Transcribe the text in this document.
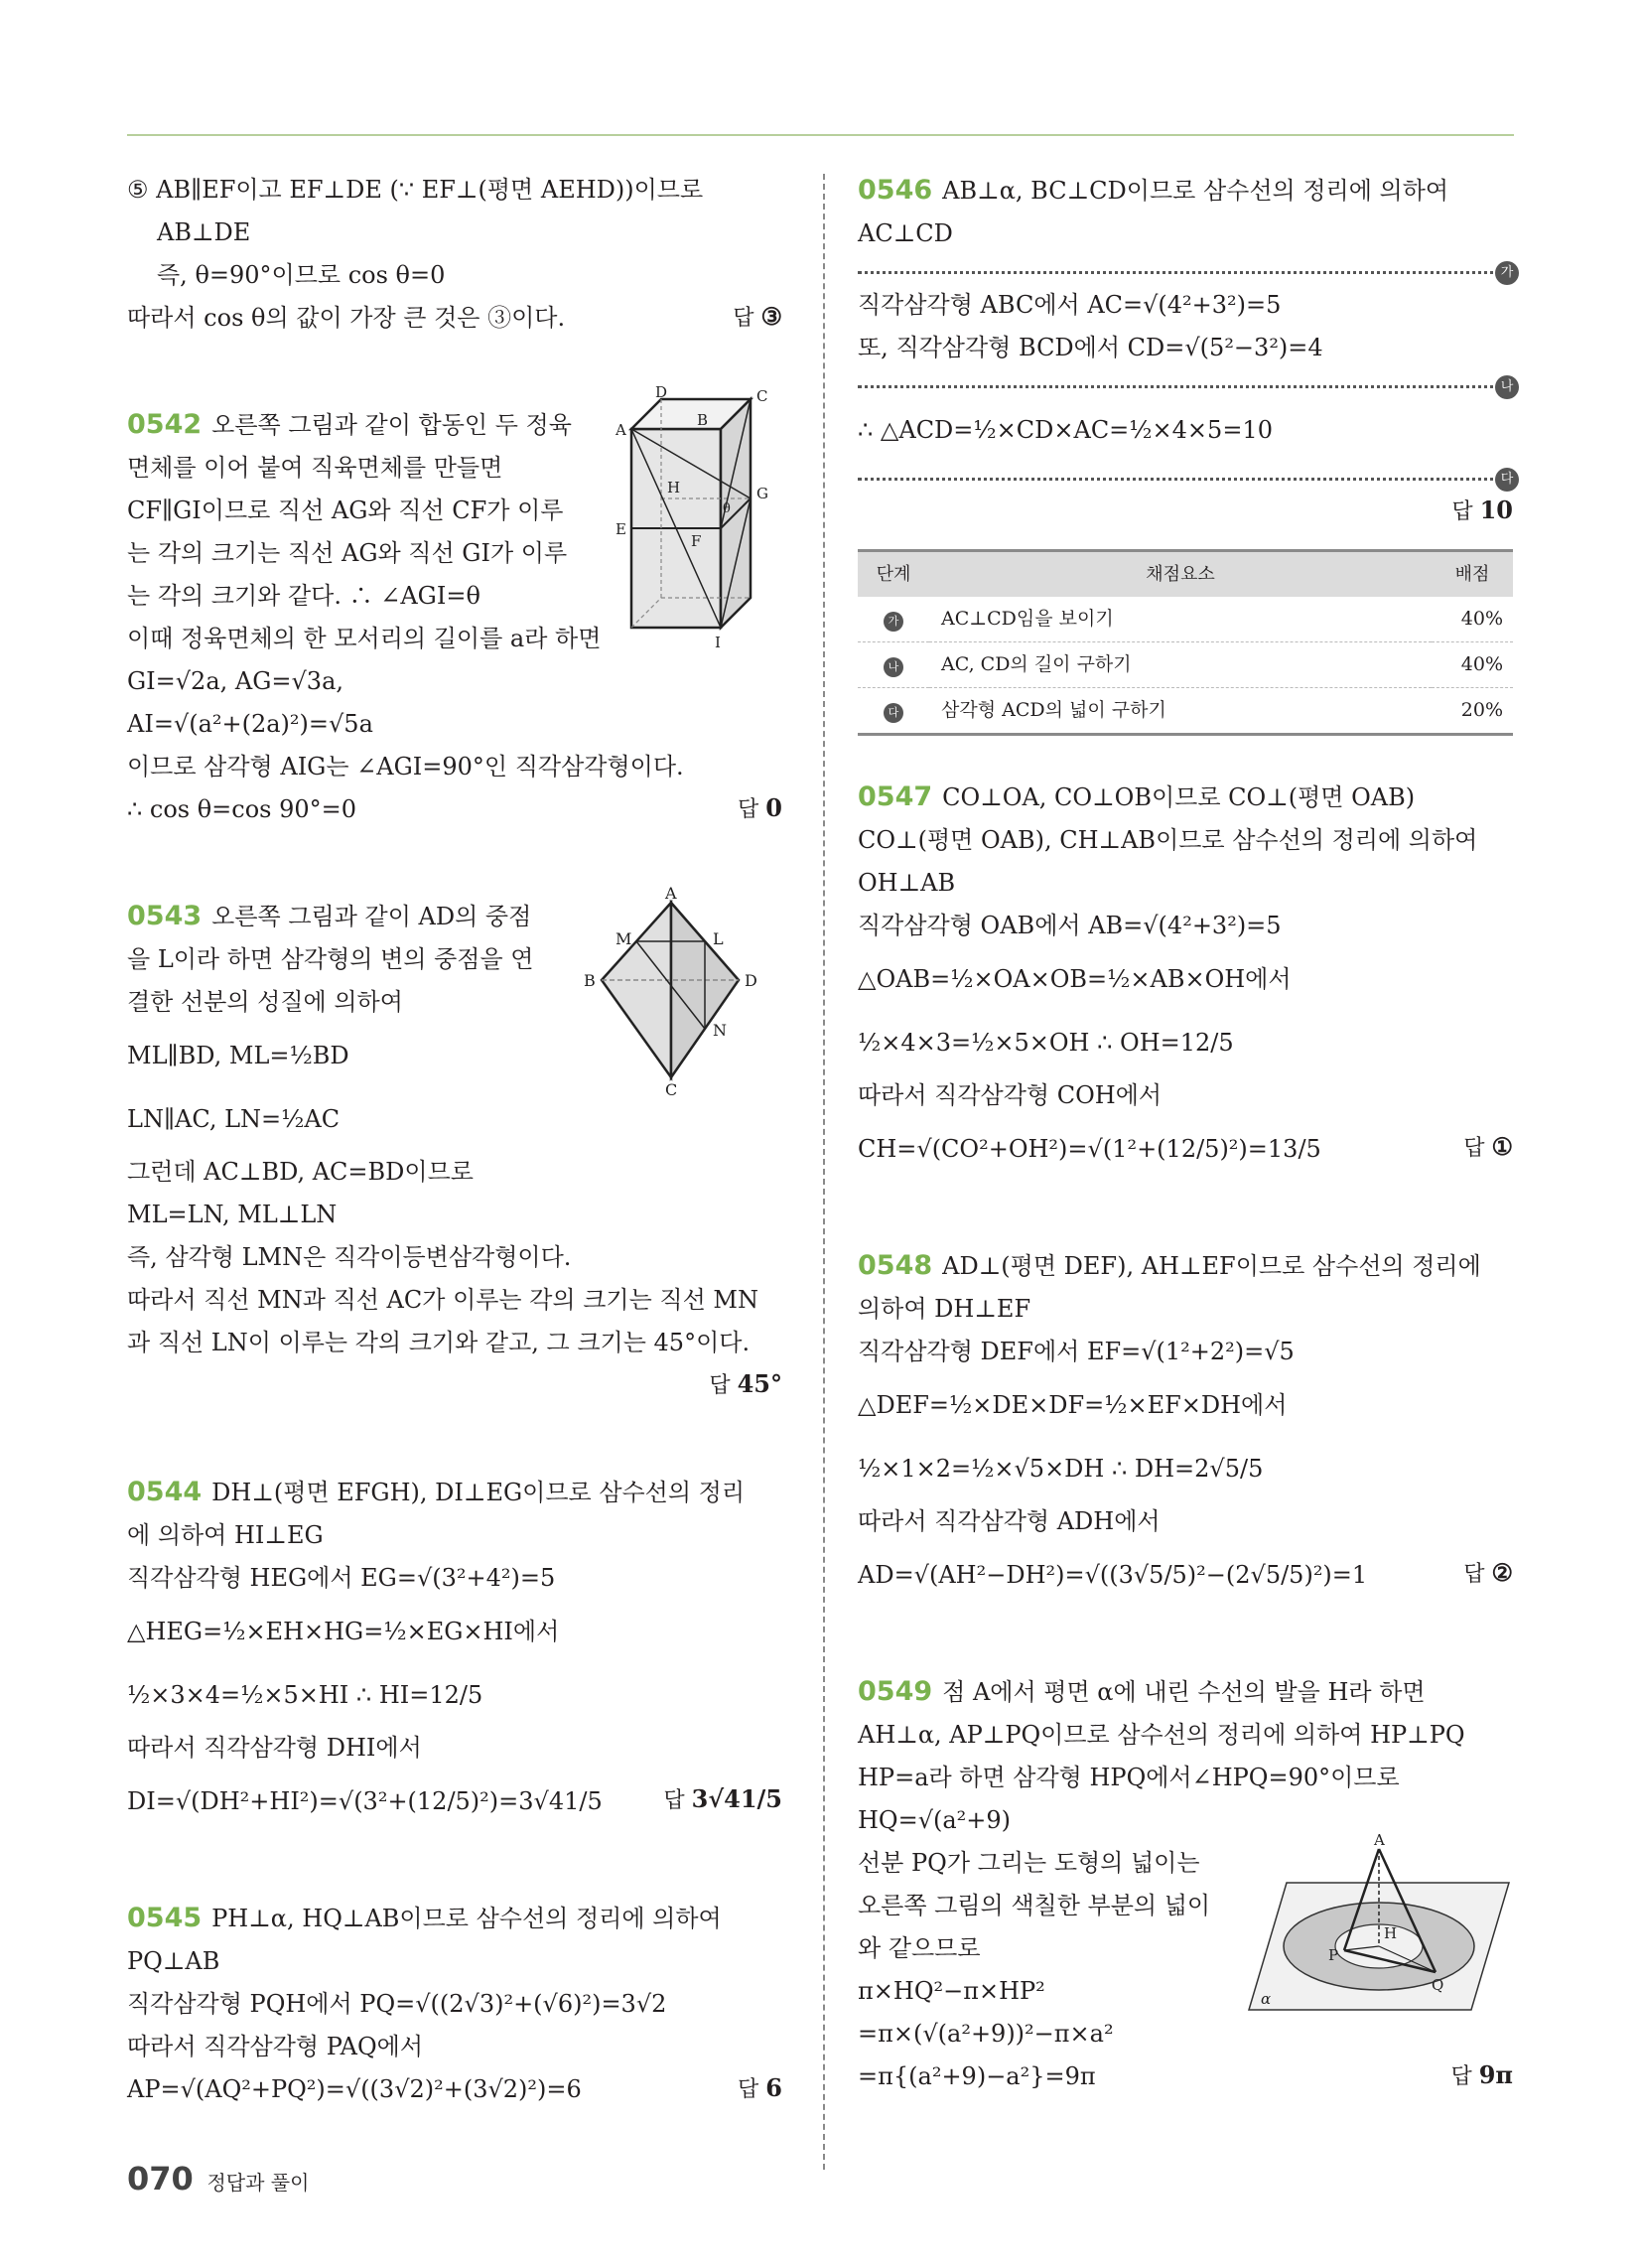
⑤ AB∥EF이고 EF⊥DE (∵ EF⊥(평면 AEHD))이므로
AB⊥DE
즉, θ=90°이므로 cos θ=0
따라서 cos θ의 값이 가장 큰 것은 ③이다.	답 ③
0542 오른쪽 그림과 같이 합동인 두 정육
면체를 이어 붙여 직육면체를 만들면
CF∥GI이므로 직선 AG와 직선 CF가 이루
는 각의 크기는 직선 AG와 직선 GI가 이루
는 각의 크기와 같다. ∴ ∠AGI=θ
이때 정육면체의 한 모서리의 길이를 a라 하면
GI=√2a, AG=√3a,
AI=√(a²+(2a)²)=√5a
이므로 삼각형 AIG는 ∠AGI=90°인 직각삼각형이다.
∴ cos θ=cos 90°=0	답 0
D	C
A
B
H	G
θ
E
F
I
0543 오른쪽 그림과 같이 AD의 중점
을 L이라 하면 삼각형의 변의 중점을 연
결한 선분의 성질에 의하여
ML∥BD, ML=½BD
LN∥AC, LN=½AC
그런데 AC⊥BD, AC=BD이므로
ML=LN, ML⊥LN
즉, 삼각형 LMN은 직각이등변삼각형이다.
따라서 직선 MN과 직선 AC가 이루는 각의 크기는 직선 MN
과 직선 LN이 이루는 각의 크기와 같고, 그 크기는 45°이다.
답 45°
A
M	L
B	D
N
C
0544 DH⊥(평면 EFGH), DI⊥EG이므로 삼수선의 정리
에 의하여 HI⊥EG
직각삼각형 HEG에서 EG=√(3²+4²)=5
△HEG=½×EH×HG=½×EG×HI에서
½×3×4=½×5×HI ∴ HI=12/5
따라서 직각삼각형 DHI에서
DI=√(DH²+HI²)=√(3²+(12/5)²)=3√41/5	답 3√41/5
0545 PH⊥α, HQ⊥AB이므로 삼수선의 정리에 의하여
PQ⊥AB
직각삼각형 PQH에서 PQ=√((2√3)²+(√6)²)=3√2
따라서 직각삼각형 PAQ에서
AP=√(AQ²+PQ²)=√((3√2)²+(3√2)²)=6	답 6
0546 AB⊥α, BC⊥CD이므로 삼수선의 정리에 의하여
AC⊥CD
가
직각삼각형 ABC에서 AC=√(4²+3²)=5
또, 직각삼각형 BCD에서 CD=√(5²−3²)=4
나
∴ △ACD=½×CD×AC=½×4×5=10
다
답 10
단계	채점요소	배점
가	AC⊥CD임을 보이기	40%
나	AC, CD의 길이 구하기	40%
다	삼각형 ACD의 넓이 구하기	20%
0547 CO⊥OA, CO⊥OB이므로 CO⊥(평면 OAB)
CO⊥(평면 OAB), CH⊥AB이므로 삼수선의 정리에 의하여
OH⊥AB
직각삼각형 OAB에서 AB=√(4²+3²)=5
△OAB=½×OA×OB=½×AB×OH에서
½×4×3=½×5×OH ∴ OH=12/5
따라서 직각삼각형 COH에서
CH=√(CO²+OH²)=√(1²+(12/5)²)=13/5	답 ①
0548 AD⊥(평면 DEF), AH⊥EF이므로 삼수선의 정리에
의하여 DH⊥EF
직각삼각형 DEF에서 EF=√(1²+2²)=√5
△DEF=½×DE×DF=½×EF×DH에서
½×1×2=½×√5×DH ∴ DH=2√5/5
따라서 직각삼각형 ADH에서
AD=√(AH²−DH²)=√((3√5/5)²−(2√5/5)²)=1	답 ②
0549 점 A에서 평면 α에 내린 수선의 발을 H라 하면
AH⊥α, AP⊥PQ이므로 삼수선의 정리에 의하여 HP⊥PQ
HP=a라 하면 삼각형 HPQ에서∠HPQ=90°이므로
HQ=√(a²+9)
선분 PQ가 그리는 도형의 넓이는
오른쪽 그림의 색칠한 부분의 넓이
와 같으므로
π×HQ²−π×HP²
=π×(√(a²+9))²−π×a²
=π{(a²+9)−a²}=9π	답 9π
A
H
P
Q
α
070 정답과 풀이
